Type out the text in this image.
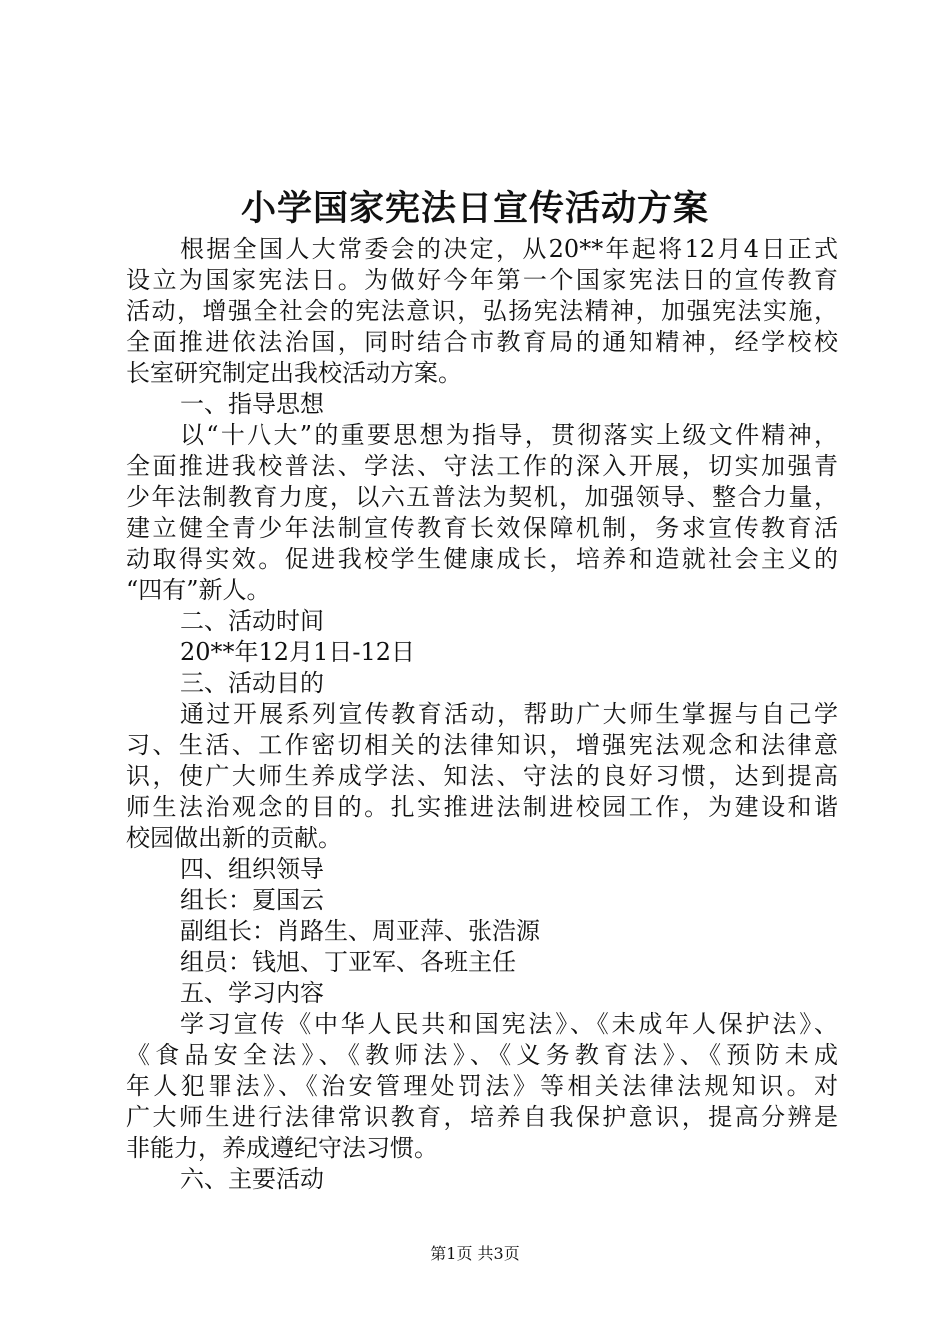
小学国家宪法日宣传活动方案
根据全国人大常委会的决定，从20**年起将12月4日正式
设立为国家宪法日。为做好今年第一个国家宪法日的宣传教育
活动，增强全社会的宪法意识，弘扬宪法精神，加强宪法实施，
全面推进依法治国，同时结合市教育局的通知精神，经学校校
长室研究制定出我校活动方案。
一、指导思想
以“十八大”的重要思想为指导，贯彻落实上级文件精神，
全面推进我校普法、学法、守法工作的深入开展，切实加强青
少年法制教育力度，以六五普法为契机，加强领导、整合力量，
建立健全青少年法制宣传教育长效保障机制，务求宣传教育活
动取得实效。促进我校学生健康成长，培养和造就社会主义的
“四有”新人。
二、活动时间
20**年12月1日-12日
三、活动目的
通过开展系列宣传教育活动，帮助广大师生掌握与自己学
习、生活、工作密切相关的法律知识，增强宪法观念和法律意
识，使广大师生养成学法、知法、守法的良好习惯，达到提高
师生法治观念的目的。扎实推进法制进校园工作，为建设和谐
校园做出新的贡献。
四、组织领导
组长：夏国云
副组长：肖路生、周亚萍、张浩源
组员：钱旭、丁亚军、各班主任
五、学习内容
学习宣传《中华人民共和国宪法》、《未成年人保护法》、
《食品安全法》、《教师法》、《义务教育法》、《预防未成
年人犯罪法》、《治安管理处罚法》等相关法律法规知识。对
广大师生进行法律常识教育，培养自我保护意识，提高分辨是
非能力，养成遵纪守法习惯。
六、主要活动
第1页 共3页
